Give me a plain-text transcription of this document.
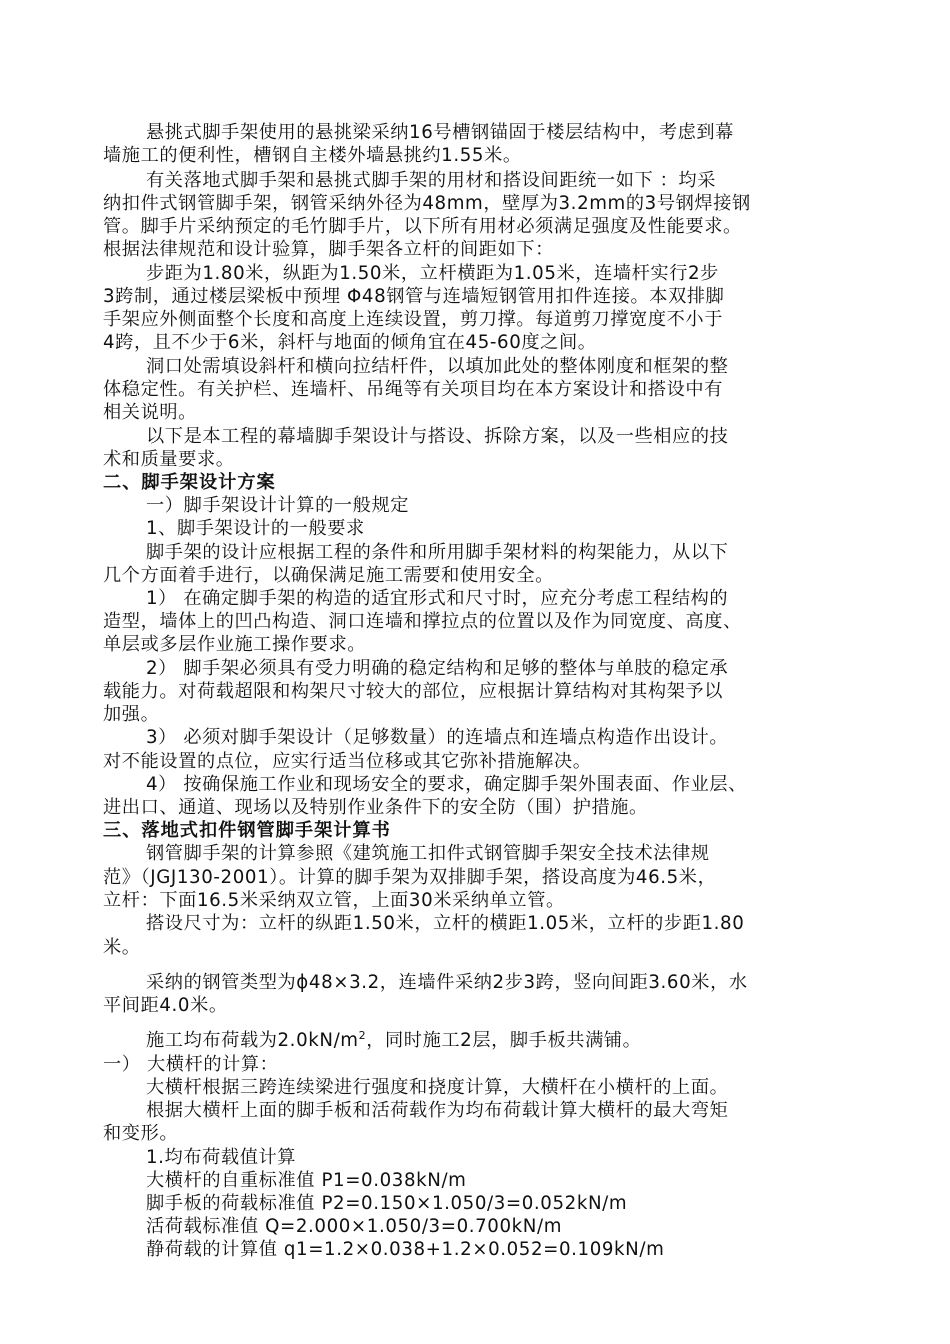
悬挑式脚手架使用的悬挑梁采纳16号槽钢锚固于楼层结构中，考虑到幕
墙施工的便利性，槽钢自主楼外墙悬挑约1.55米。
有关落地式脚手架和悬挑式脚手架的用材和搭设间距统一如下 ：均采
纳扣件式钢管脚手架，钢管采纳外径为48mm，壁厚为3.2mm的3号钢焊接钢
管。脚手片采纳预定的毛竹脚手片，以下所有用材必须满足强度及性能要求。
根据法律规范和设计验算，脚手架各立杆的间距如下：
步距为1.80米，纵距为1.50米，立杆横距为1.05米，连墙杆实行2步
3跨制，通过楼层梁板中预埋 Φ48钢管与连墙短钢管用扣件连接。本双排脚
手架应外侧面整个长度和高度上连续设置，剪刀撑。每道剪刀撑宽度不小于
4跨，且不少于6米，斜杆与地面的倾角宜在45-60度之间。
洞口处需填设斜杆和横向拉结杆件，以填加此处的整体刚度和框架的整
体稳定性。有关护栏、连墙杆、吊绳等有关项目均在本方案设计和搭设中有
相关说明。
以下是本工程的幕墙脚手架设计与搭设、拆除方案，以及一些相应的技
术和质量要求。
二、脚手架设计方案
一）脚手架设计计算的一般规定
1、脚手架设计的一般要求
脚手架的设计应根据工程的条件和所用脚手架材料的构架能力，从以下
几个方面着手进行，以确保满足施工需要和使用安全。
1） 在确定脚手架的构造的适宜形式和尺寸时，应充分考虑工程结构的
造型，墙体上的凹凸构造、洞口连墙和撑拉点的位置以及作为同宽度、高度、
单层或多层作业施工操作要求。
2） 脚手架必须具有受力明确的稳定结构和足够的整体与单肢的稳定承
载能力。对荷载超限和构架尺寸较大的部位，应根据计算结构对其构架予以
加强。
3） 必须对脚手架设计（足够数量）的连墙点和连墙点构造作出设计。
对不能设置的点位，应实行适当位移或其它弥补措施解决。
4） 按确保施工作业和现场安全的要求，确定脚手架外围表面、作业层、
进出口、通道、现场以及特别作业条件下的安全防（围）护措施。
三、落地式扣件钢管脚手架计算书
钢管脚手架的计算参照《建筑施工扣件式钢管脚手架安全技术法律规
范》（JGJ130-2001）。计算的脚手架为双排脚手架，搭设高度为46.5米，
立杆：下面16.5米采纳双立管，上面30米采纳单立管。
搭设尺寸为：立杆的纵距1.50米，立杆的横距1.05米，立杆的步距1.80
米。
采纳的钢管类型为ϕ48×3.2，连墙件采纳2步3跨，竖向间距3.60米，水
平间距4.0米。
施工均布荷载为$2.0kN/m^2$，同时施工2层，脚手板共满铺。
一） 大横杆的计算：
大横杆根据三跨连续梁进行强度和挠度计算，大横杆在小横杆的上面。
根据大横杆上面的脚手板和活荷载作为均布荷载计算大横杆的最大弯矩
和变形。
1.均布荷载值计算
大横杆的自重标准值 P1=0.038kN/m
脚手板的荷载标准值 P2=0.150×1.050/3=0.052kN/m
活荷载标准值 Q=2.000×1.050/3=0.700kN/m
静荷载的计算值 q1=1.2×0.038+1.2×0.052=0.109kN/m
